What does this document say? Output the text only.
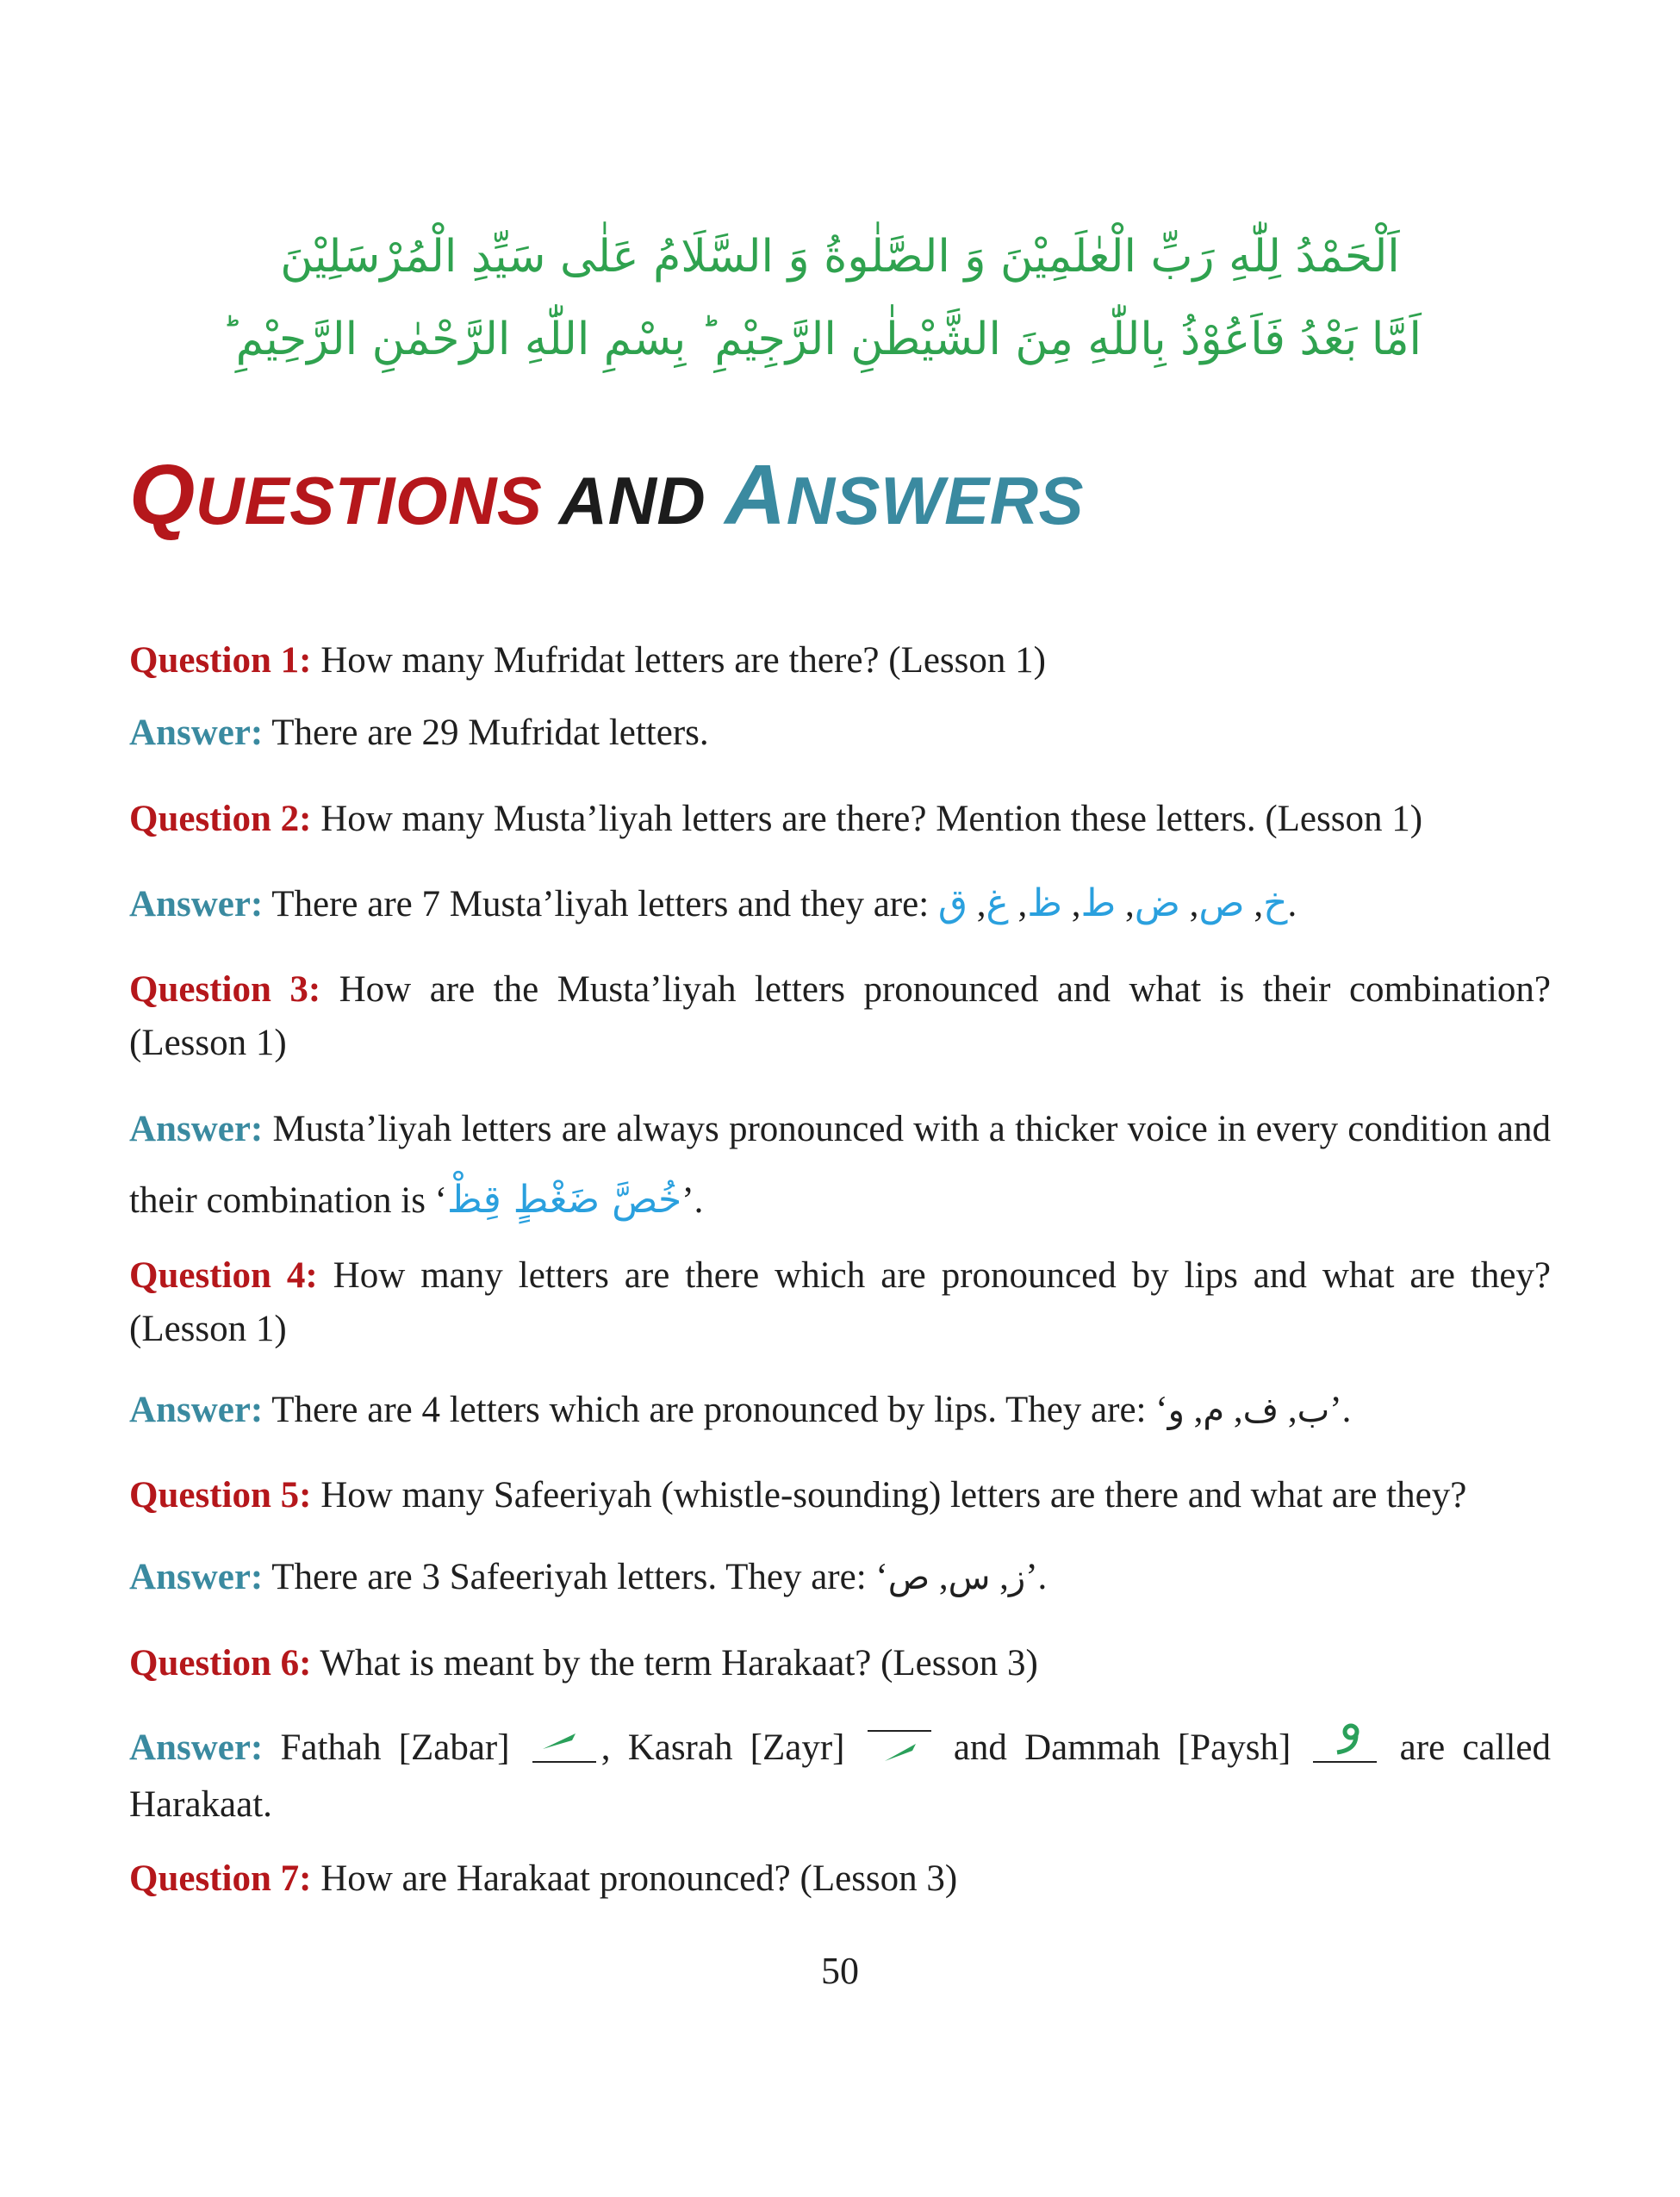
اَلْحَمْدُ لِلّٰهِ رَبِّ الْعٰلَمِيْنَ وَ الصَّلٰوةُ وَ السَّلَامُ عَلٰى سَيِّدِ الْمُرْسَلِيْنَ
اَمَّا بَعْدُ فَاَعُوْذُ بِاللّٰهِ مِنَ الشَّيْطٰنِ الرَّجِيْمِ ؕ بِسْمِ اللّٰهِ الرَّحْمٰنِ الرَّحِيْمِ ؕ
QUESTIONS AND ANSWERS

Question 1: How many Mufridat letters are there? (Lesson 1)

Answer: There are 29 Mufridat letters.

Question 2: How many Musta’liyah letters are there? Mention these letters. (Lesson 1)

Answer: There are 7 Musta’liyah letters and they are:	خ, ص, ض, ط, ظ, غ, ق	.

Question 3: How are the Musta’liyah letters pronounced and what is their combination? (Lesson 1)

Answer: Musta’liyah letters are always pronounced with a thicker voice in every condition and their combination is ‘خُصَّ ضَغْطٍ قِظْ’.

Question 4: How many letters are there which are pronounced by lips and what are they? (Lesson 1)

Answer: There are 4 letters which are pronounced by lips. They are: ‘	ب, ف, م, و	’.

Question 5: How many Safeeriyah (whistle-sounding) letters are there and what are they?

Answer: There are 3 Safeeriyah letters. They are: ‘	ز, س, ص	’.

Question 6: What is meant by the term Harakaat? (Lesson 3)

Answer: Fathah [Zabar]
, Kasrah [Zayr]
and Dammah [Paysh]
are called Harakaat.

Question 7: How are Harakaat pronounced? (Lesson 3)

50
